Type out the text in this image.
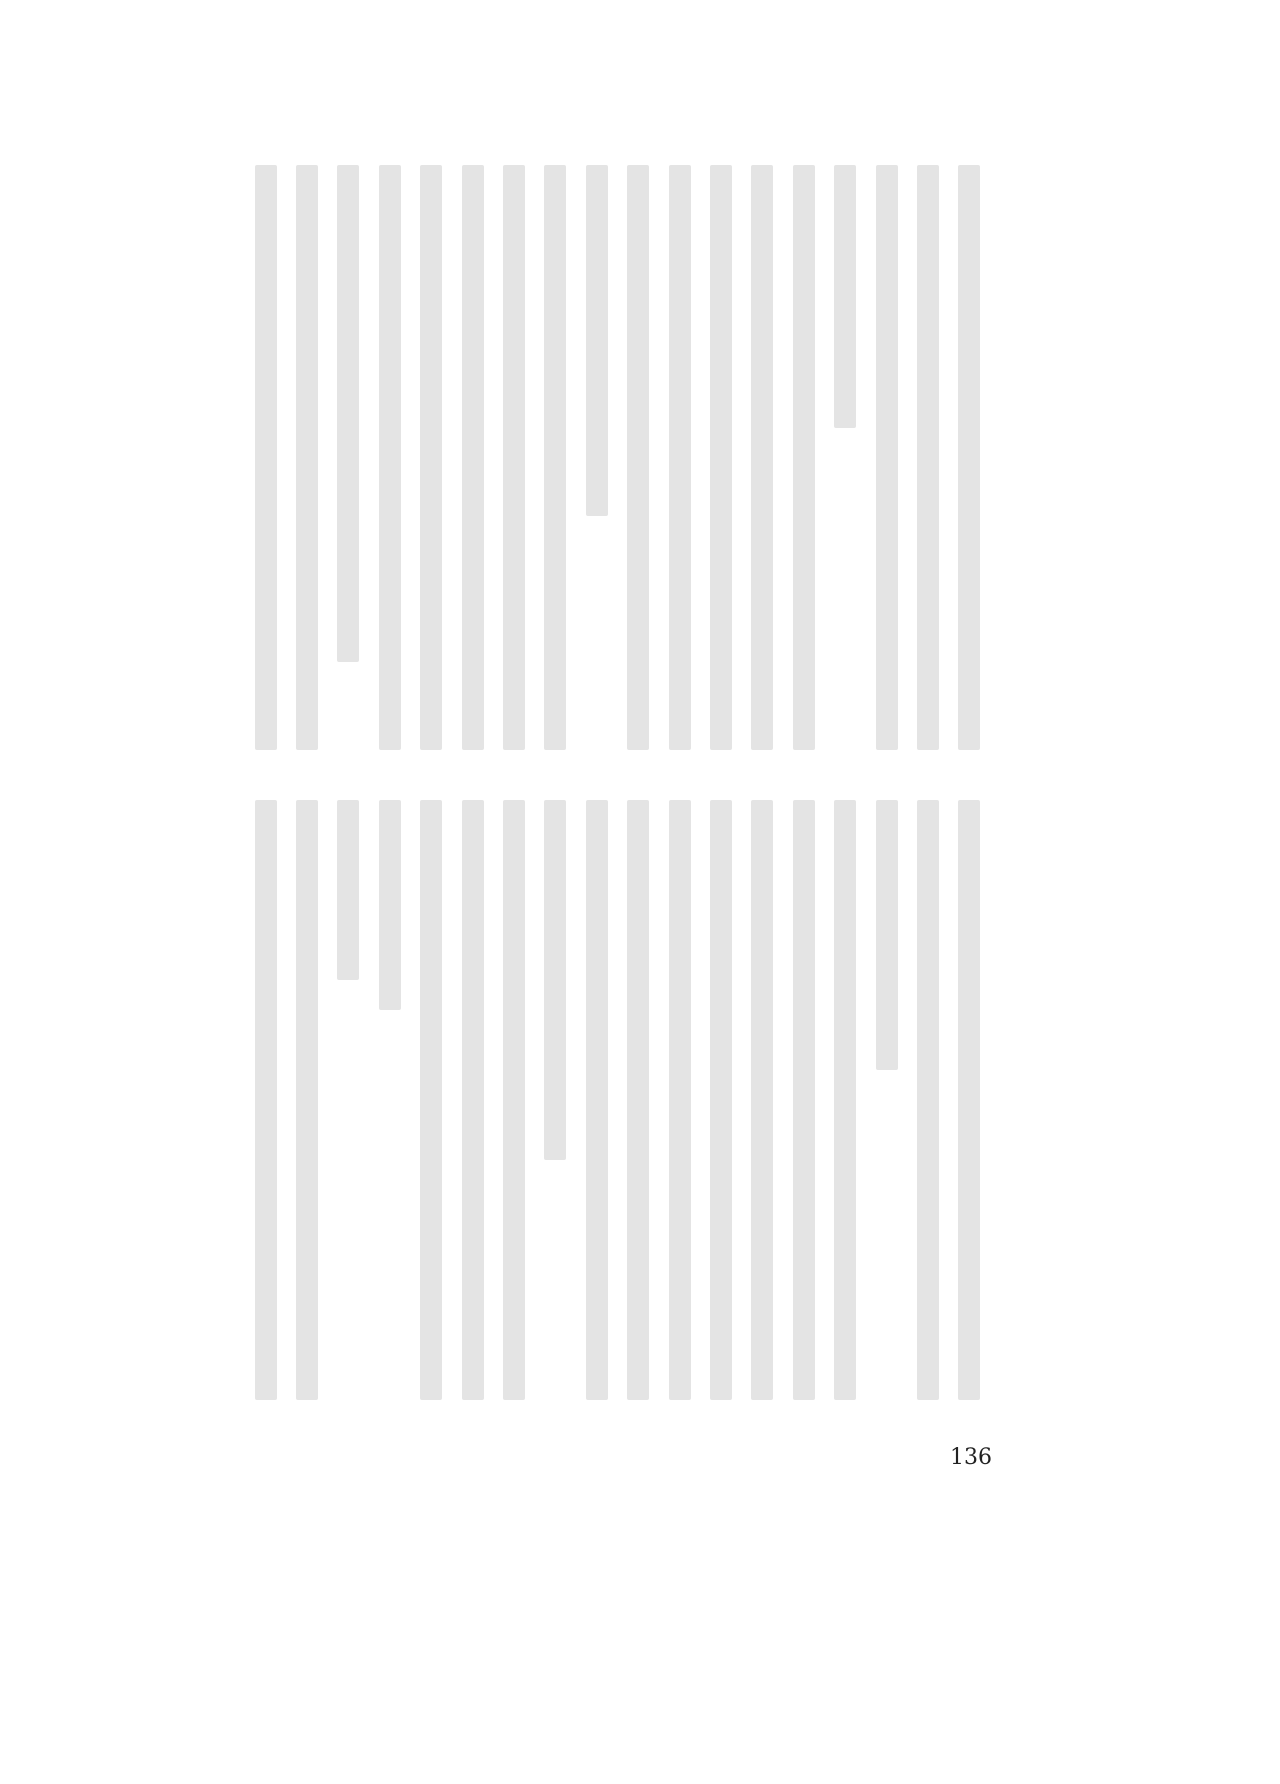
136
